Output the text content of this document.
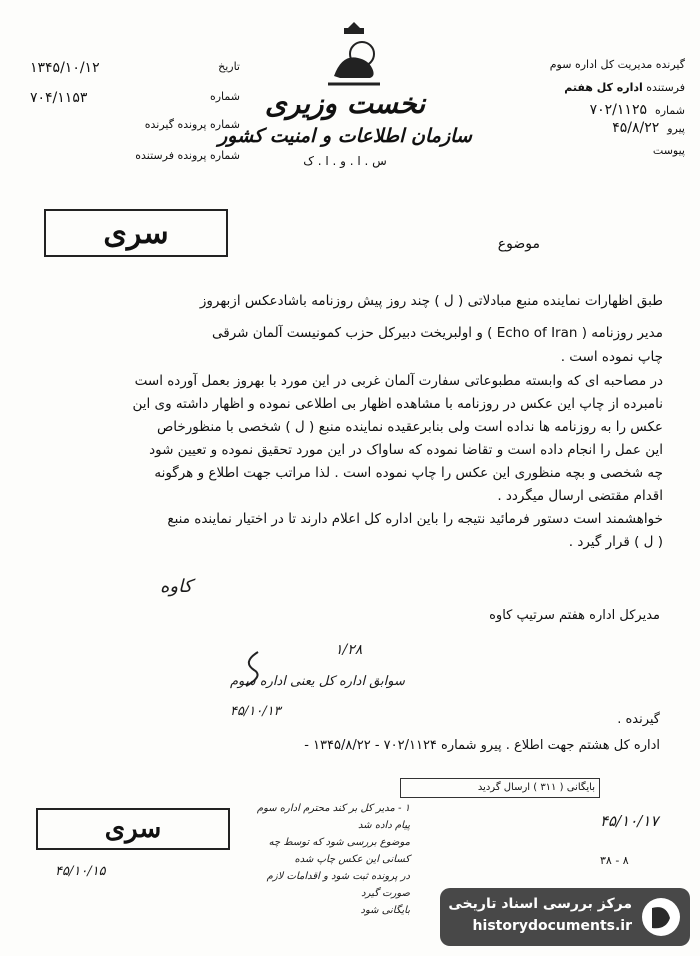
تاریخ
۱۳۴۵/۱۰/۱۲
شماره
۷۰۴/۱۱۵۳
شماره پرونده گیرنده
شماره پرونده فرستنده
نخست وزیری
سازمان اطلاعات و امنیت کشور
س . ا . و . ا . ک
گیرنده مدیریت کل اداره سوم
فرستنده اداره کل هفتم
شماره
۷۰۲/۱۱۲۵
پیرو
۴۵/۸/۲۲
پیوست
سری	موضوع
طبق اظهارات نماینده منبع مبادلاتی ( ل ) چند روز پیش روزنامه باشادعکس ازبهروز
مدیر روزنامه ( Echo of Iran ) و اولبریخت دبیرکل حزب کمونیست آلمان شرقی
چاپ نموده است .
در مصاحبه ای که وابسته مطبوعاتی سفارت آلمان غربی در این مورد با بهروز بعمل آورده است
نامبرده از چاپ این عکس در روزنامه با مشاهده اظهار بی اطلاعی نموده و اظهار داشته وی این
عکس را به روزنامه ها نداده است ولی بنابرعقیده نماینده منبع ( ل ) شخصی با منظورخاص
این عمل را انجام داده است و تقاضا نموده که ساواک در این مورد تحقیق نموده و تعیین شود
چه شخصی و بچه منظوری این عکس را چاپ نموده است . لذا مراتب جهت اطلاع و هرگونه
اقدام مقتضی ارسال میگردد .
خواهشمند است دستور فرمائید نتیجه را باین اداره کل اعلام دارند تا در اختیار نماینده منبع
( ل ) قرار گیرد .
کاوه
مدیرکل اداره هفتم سرتیپ کاوه
۱/۲۸
سوابق اداره کل یعنی اداره سوم
۴۵/۱۰/۱۳
گیرنده .
اداره کل هشتم جهت اطلاع . پیرو شماره ۷۰۲/۱۱۲۴ - ۱۳۴۵/۸/۲۲ -
بایگانی ( ۳۱۱ ) ارسال گردید
سری
۱ - مدیر کل بر کند محترم اداره سوم
پیام داده شد
موضوع بررسی شود که توسط چه کسانی این عکس چاپ شده
در پرونده ثبت شود و اقدامات لازم صورت گیرد
بایگانی شود
۴۵/۱۰/۱۵
۴۵/۱۰/۱۷
۳۸ - ۸
مرکز بررسی اسناد تاریخی
historydocuments.ir
